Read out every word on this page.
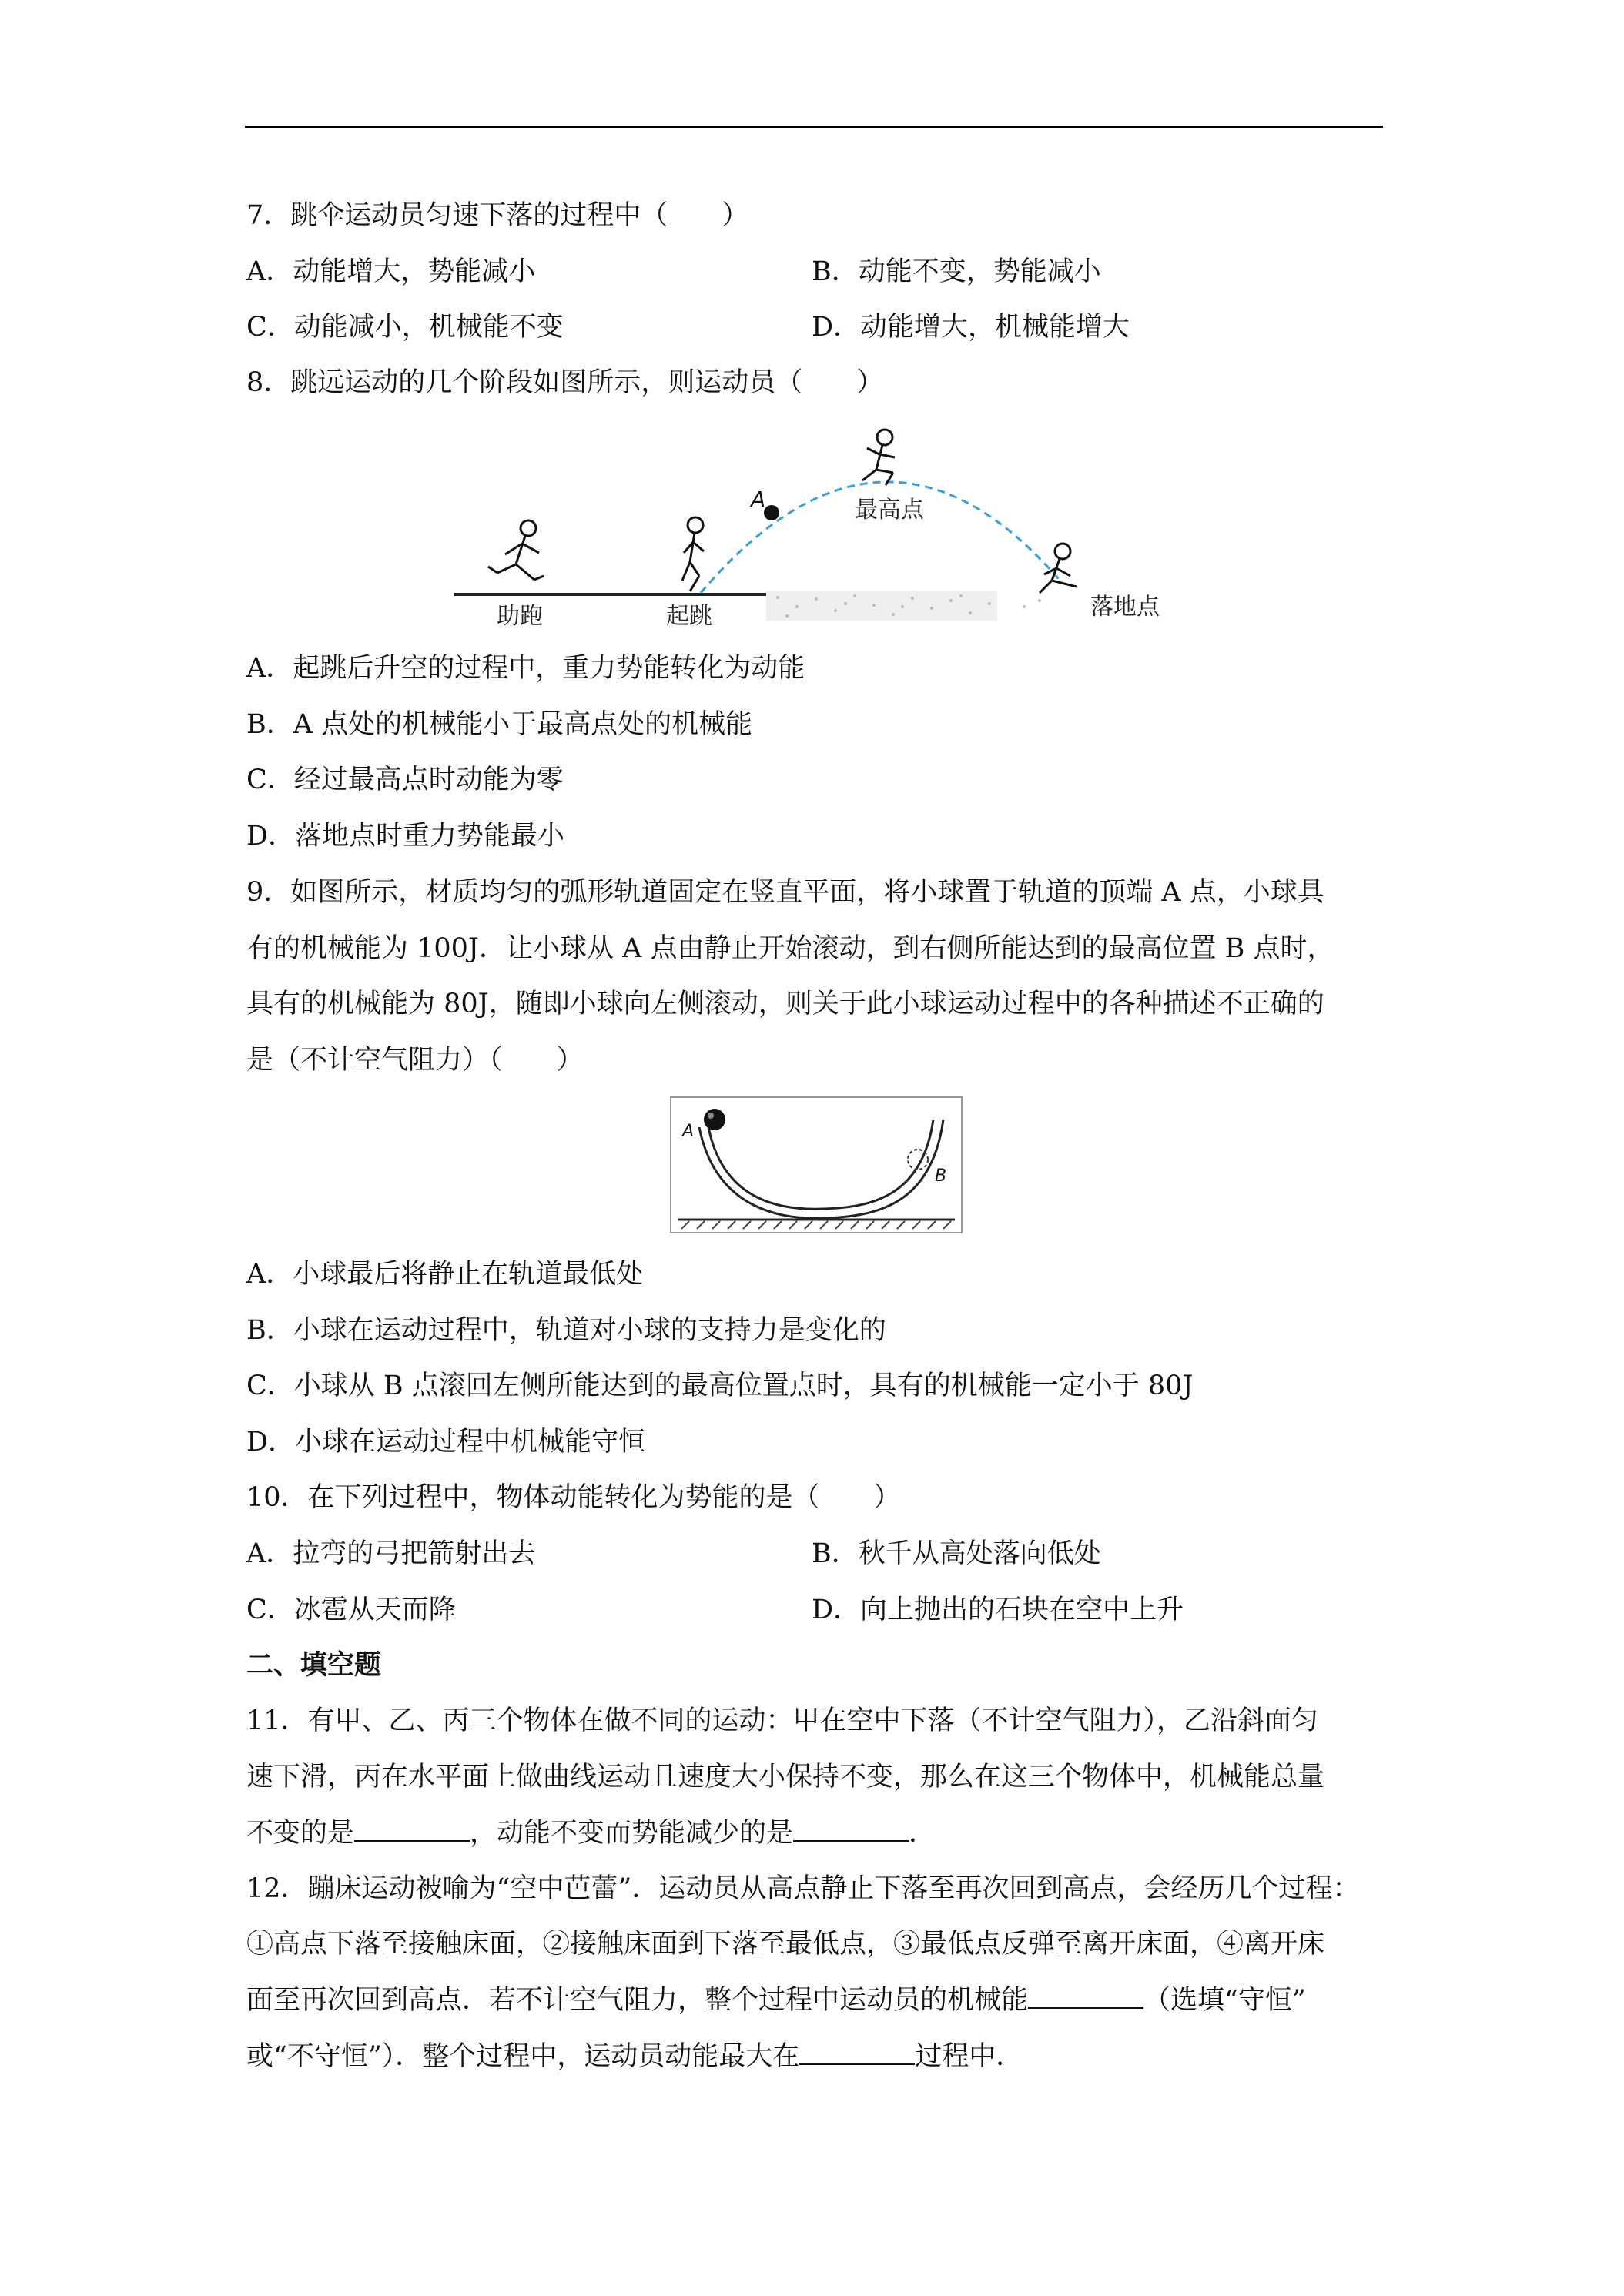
7．跳伞运动员匀速下落的过程中（　　）
A．动能增大，势能减小	B．动能不变，势能减小
C．动能减小，机械能不变	D．动能增大，机械能增大
8．跳远运动的几个阶段如图所示，则运动员（　　）
A
助跑	起跳
最高点
落地点
A．起跳后升空的过程中，重力势能转化为动能
B．A 点处的机械能小于最高点处的机械能
C．经过最高点时动能为零
D．落地点时重力势能最小
9．如图所示，材质均匀的弧形轨道固定在竖直平面，将小球置于轨道的顶端 A 点，小球具
有的机械能为 100J．让小球从 A 点由静止开始滚动，到右侧所能达到的最高位置 B 点时，
具有的机械能为 80J，随即小球向左侧滚动，则关于此小球运动过程中的各种描述不正确的
是（不计空气阻力）（　　）
A
B
A．小球最后将静止在轨道最低处
B．小球在运动过程中，轨道对小球的支持力是变化的
C．小球从 B 点滚回左侧所能达到的最高位置点时，具有的机械能一定小于 80J
D．小球在运动过程中机械能守恒
10．在下列过程中，物体动能转化为势能的是（　　）
A．拉弯的弓把箭射出去	B．秋千从高处落向低处
C．冰雹从天而降	D．向上抛出的石块在空中上升
二、填空题
11．有甲、乙、丙三个物体在做不同的运动：甲在空中下落（不计空气阻力），乙沿斜面匀
速下滑，丙在水平面上做曲线运动且速度大小保持不变，那么在这三个物体中，机械能总量
不变的是	，动能不变而势能减少的是	．
12．蹦床运动被喻为“空中芭蕾”．运动员从高点静止下落至再次回到高点，会经历几个过程：
①高点下落至接触床面，②接触床面到下落至最低点，③最低点反弹至离开床面，④离开床
面至再次回到高点．若不计空气阻力，整个过程中运动员的机械能	（选填“守恒”
或“不守恒”）．整个过程中，运动员动能最大在	过程中．
